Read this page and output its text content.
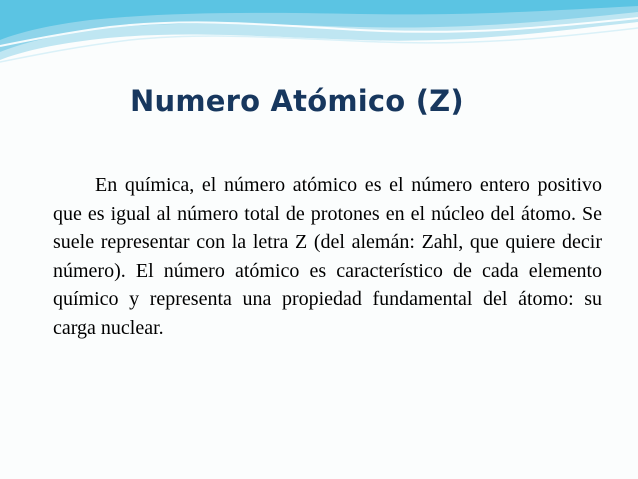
Numero Atómico (Z)

En química, el número atómico es el número entero positivo que es igual al número total de protones en el núcleo del átomo. Se suele representar con la letra Z (del alemán: Zahl, que quiere decir número). El número atómico es característico de cada elemento químico y representa una propiedad fundamental del átomo: su carga nuclear.
